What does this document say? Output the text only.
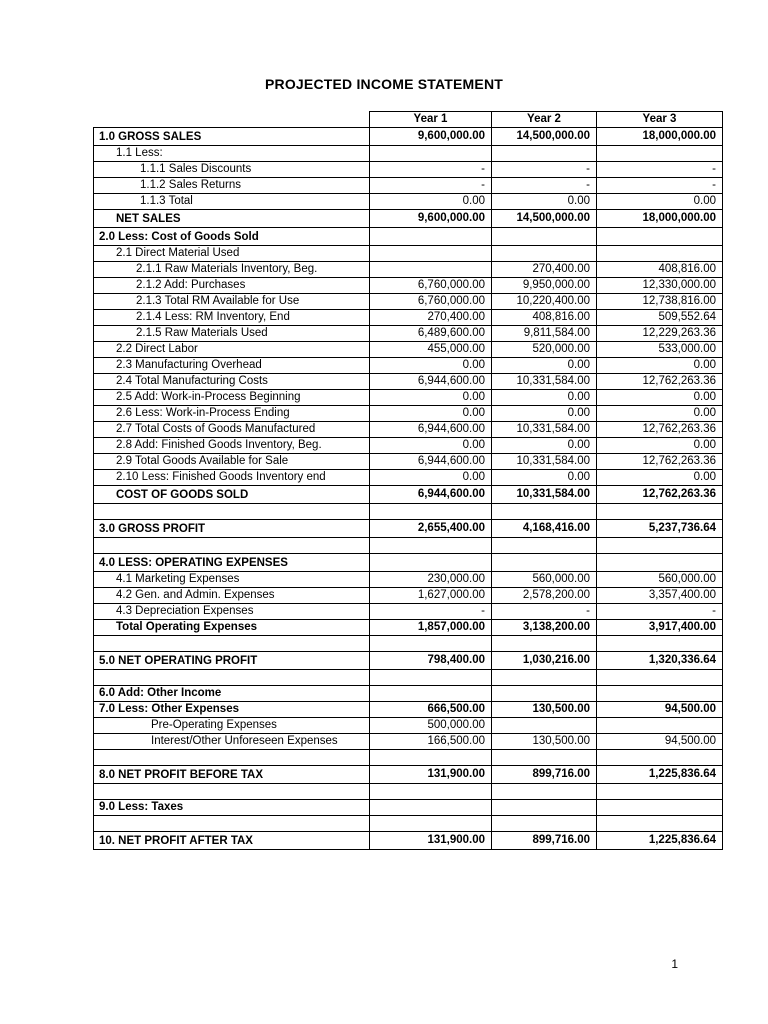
PROJECTED INCOME STATEMENT
	Year 1	Year 2	Year 3
1.0 GROSS SALES	9,600,000.00	14,500,000.00	18,000,000.00
1.1 Less:			
1.1.1 Sales Discounts	-	-	-
1.1.2 Sales Returns	-	-	-
1.1.3 Total	0.00	0.00	0.00
NET SALES	9,600,000.00	14,500,000.00	18,000,000.00
2.0 Less: Cost of Goods Sold			
2.1 Direct Material Used			
2.1.1 Raw Materials Inventory, Beg.		270,400.00	408,816.00
2.1.2 Add: Purchases	6,760,000.00	9,950,000.00	12,330,000.00
2.1.3 Total RM Available for Use	6,760,000.00	10,220,400.00	12,738,816.00
2.1.4 Less: RM Inventory, End	270,400.00	408,816.00	509,552.64
2.1.5 Raw Materials Used	6,489,600.00	9,811,584.00	12,229,263.36
2.2 Direct Labor	455,000.00	520,000.00	533,000.00
2.3 Manufacturing Overhead	0.00	0.00	0.00
2.4 Total Manufacturing Costs	6,944,600.00	10,331,584.00	12,762,263.36
2.5 Add: Work-in-Process Beginning	0.00	0.00	0.00
2.6 Less: Work-in-Process Ending	0.00	0.00	0.00
2.7 Total Costs of Goods Manufactured	6,944,600.00	10,331,584.00	12,762,263.36
2.8 Add: Finished Goods Inventory, Beg.	0.00	0.00	0.00
2.9 Total Goods Available for Sale	6,944,600.00	10,331,584.00	12,762,263.36
2.10 Less: Finished Goods Inventory end	0.00	0.00	0.00
COST OF GOODS SOLD	6,944,600.00	10,331,584.00	12,762,263.36

3.0 GROSS PROFIT	2,655,400.00	4,168,416.00	5,237,736.64

4.0 LESS: OPERATING EXPENSES			
4.1 Marketing Expenses	230,000.00	560,000.00	560,000.00
4.2 Gen. and Admin. Expenses	1,627,000.00	2,578,200.00	3,357,400.00
4.3 Depreciation Expenses	-	-	-
Total Operating Expenses	1,857,000.00	3,138,200.00	3,917,400.00

5.0 NET OPERATING PROFIT	798,400.00	1,030,216.00	1,320,336.64

6.0 Add: Other Income			
7.0 Less: Other Expenses	666,500.00	130,500.00	94,500.00
Pre-Operating Expenses	500,000.00		
Interest/Other Unforeseen Expenses	166,500.00	130,500.00	94,500.00

8.0 NET PROFIT BEFORE TAX	131,900.00	899,716.00	1,225,836.64

9.0 Less: Taxes			

10. NET PROFIT AFTER TAX	131,900.00	899,716.00	1,225,836.64
1
